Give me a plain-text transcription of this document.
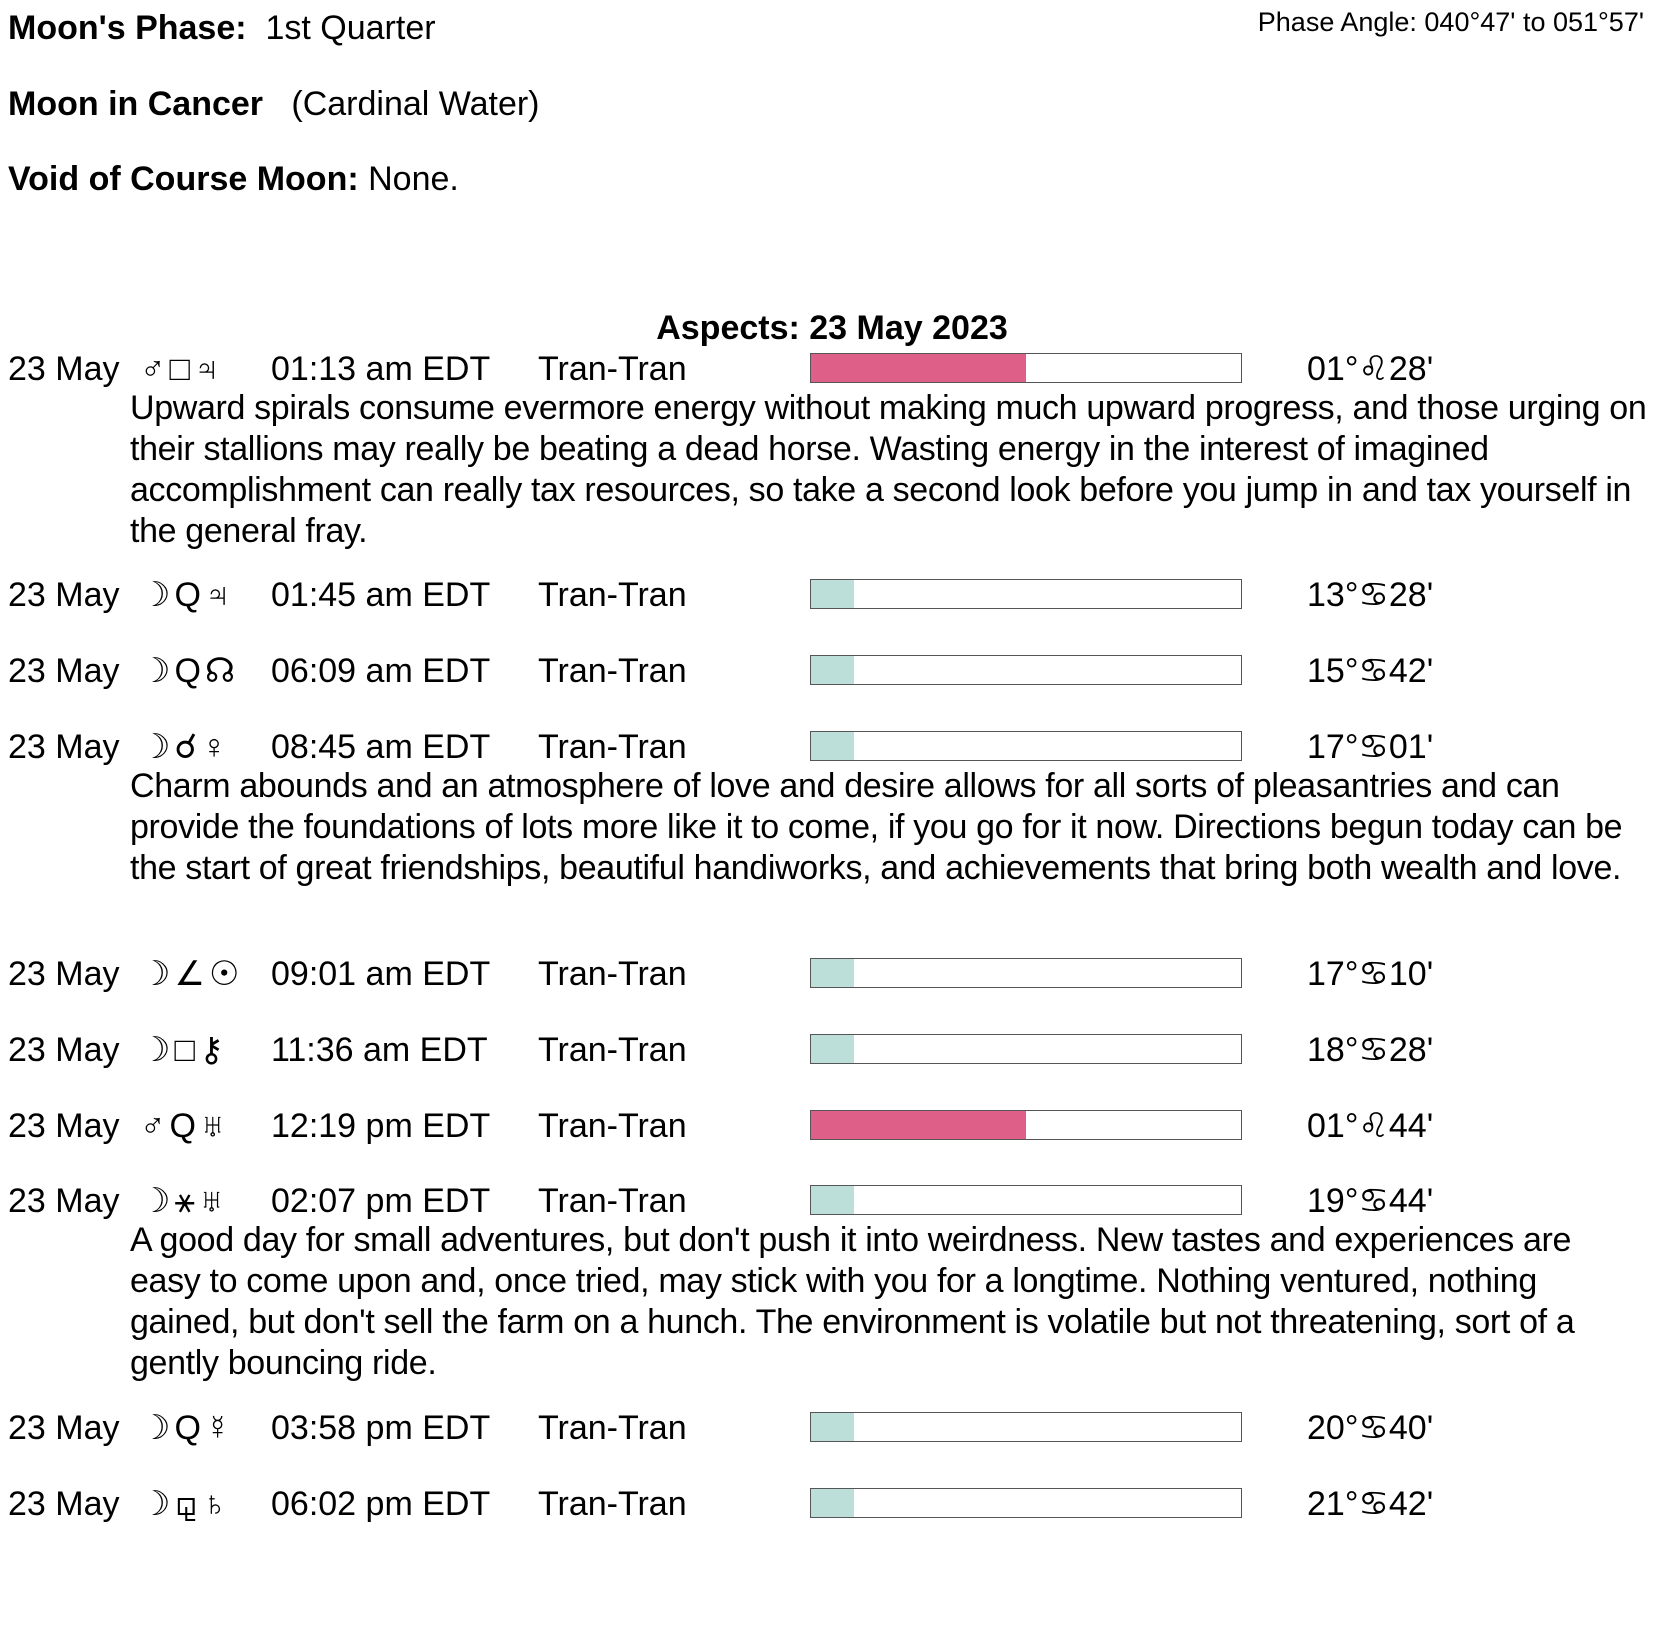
Moon's Phase: 1st Quarter	Phase Angle: 040°47' to 051°57'
Moon in Cancer (Cardinal Water)
Void of Course Moon: None.
Aspects: 23 May 2023
23 May ♂□♃ 01:13 am EDT Tran-Tran	01°♌28'
Upward spirals consume evermore energy without making much upward progress, and those urging on their stallions may really be beating a dead horse. Wasting energy in the interest of imagined accomplishment can really tax resources, so take a second look before you jump in and tax yourself in the general fray.
23 May ☽Q♃ 01:45 am EDT Tran-Tran	13°♋28'
23 May ☽Q☊ 06:09 am EDT Tran-Tran	15°♋42'
23 May ☽☌♀ 08:45 am EDT Tran-Tran	17°♋01'
Charm abounds and an atmosphere of love and desire allows for all sorts of pleasantries and can provide the foundations of lots more like it to come, if you go for it now. Directions begun today can be the start of great friendships, beautiful handiworks, and achievements that bring both wealth and love.
23 May ☽∠☉ 09:01 am EDT Tran-Tran	17°♋10'
23 May ☽□⚷ 11:36 am EDT Tran-Tran	18°♋28'
23 May ♂Q♅ 12:19 pm EDT Tran-Tran	01°♌44'
23 May ☽⚹♅ 02:07 pm EDT Tran-Tran	19°♋44'
A good day for small adventures, but don't push it into weirdness. New tastes and experiences are easy to come upon and, once tried, may stick with you for a longtime. Nothing ventured, nothing gained, but don't sell the farm on a hunch. The environment is volatile but not threatening, sort of a gently bouncing ride.
23 May ☽Q☿ 03:58 pm EDT Tran-Tran	20°♋40'
23 May ☽⚼♄ 06:02 pm EDT Tran-Tran	21°♋42'
